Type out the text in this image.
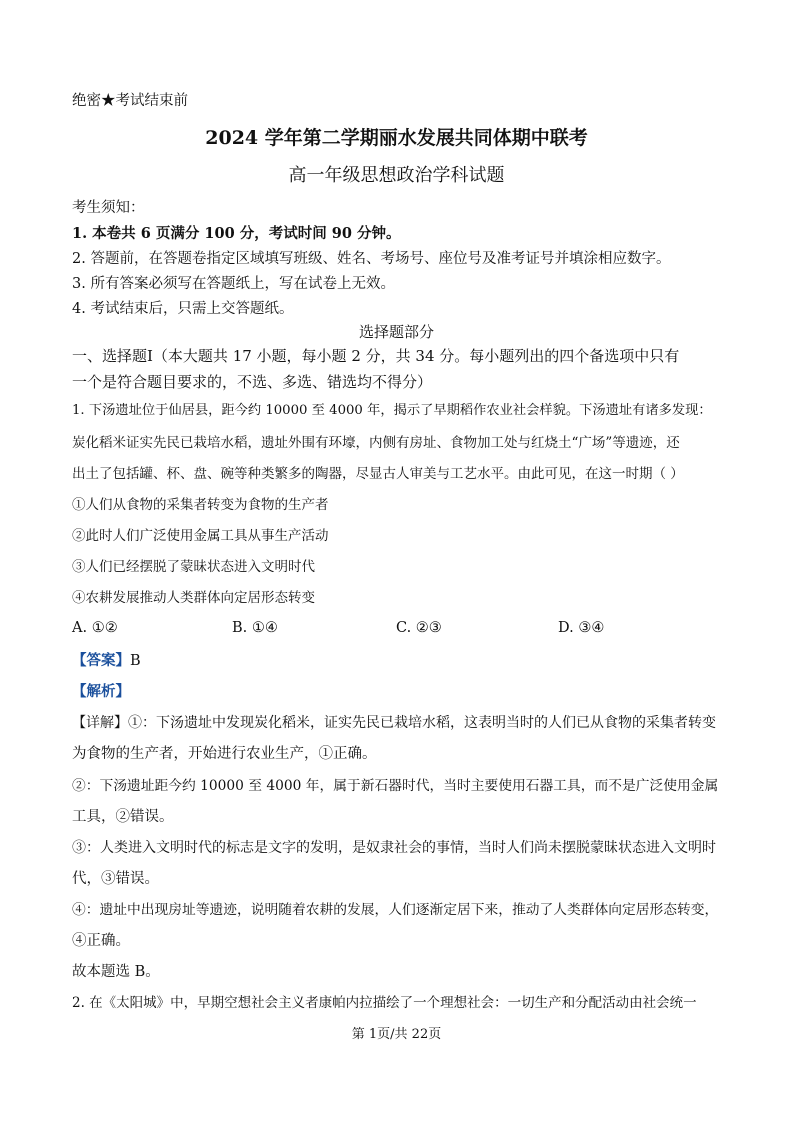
绝密★考试结束前
2024 学年第二学期丽水发展共同体期中联考
高一年级思想政治学科试题
考生须知：
1. 本卷共 6 页满分 100 分，考试时间 90 分钟。
2. 答题前，在答题卷指定区域填写班级、姓名、考场号、座位号及准考证号并填涂相应数字。
3. 所有答案必须写在答题纸上，写在试卷上无效。
4. 考试结束后，只需上交答题纸。
选择题部分
一、选择题Ⅰ（本大题共 17 小题，每小题 2 分，共 34 分。每小题列出的四个备选项中只有
一个是符合题目要求的，不选、多选、错选均不得分）
1. 下汤遗址位于仙居县，距今约 10000 至 4000 年，揭示了早期稻作农业社会样貌。下汤遗址有诸多发现：
炭化稻米证实先民已栽培水稻，遗址外围有环壕，内侧有房址、食物加工处与红烧土“广场”等遗迹，还
出土了包括罐、杯、盘、碗等种类繁多的陶器，尽显古人审美与工艺水平。由此可见，在这一时期（ ）
①人们从食物的采集者转变为食物的生产者
②此时人们广泛使用金属工具从事生产活动
③人们已经摆脱了蒙昧状态进入文明时代
④农耕发展推动人类群体向定居形态转变
A. ①②	B. ①④	C. ②③	D. ③④
【答案】B
【解析】
【详解】①：下汤遗址中发现炭化稻米，证实先民已栽培水稻，这表明当时的人们已从食物的采集者转变
为食物的生产者，开始进行农业生产，①正确。
②：下汤遗址距今约 10000 至 4000 年，属于新石器时代，当时主要使用石器工具，而不是广泛使用金属
工具，②错误。
③：人类进入文明时代的标志是文字的发明，是奴隶社会的事情，当时人们尚未摆脱蒙昧状态进入文明时
代，③错误。
④：遗址中出现房址等遗迹，说明随着农耕的发展，人们逐渐定居下来，推动了人类群体向定居形态转变，
④正确。
故本题选 B。
2. 在《太阳城》中，早期空想社会主义者康帕内拉描绘了一个理想社会：一切生产和分配活动由社会统一
第 1页/共 22页
